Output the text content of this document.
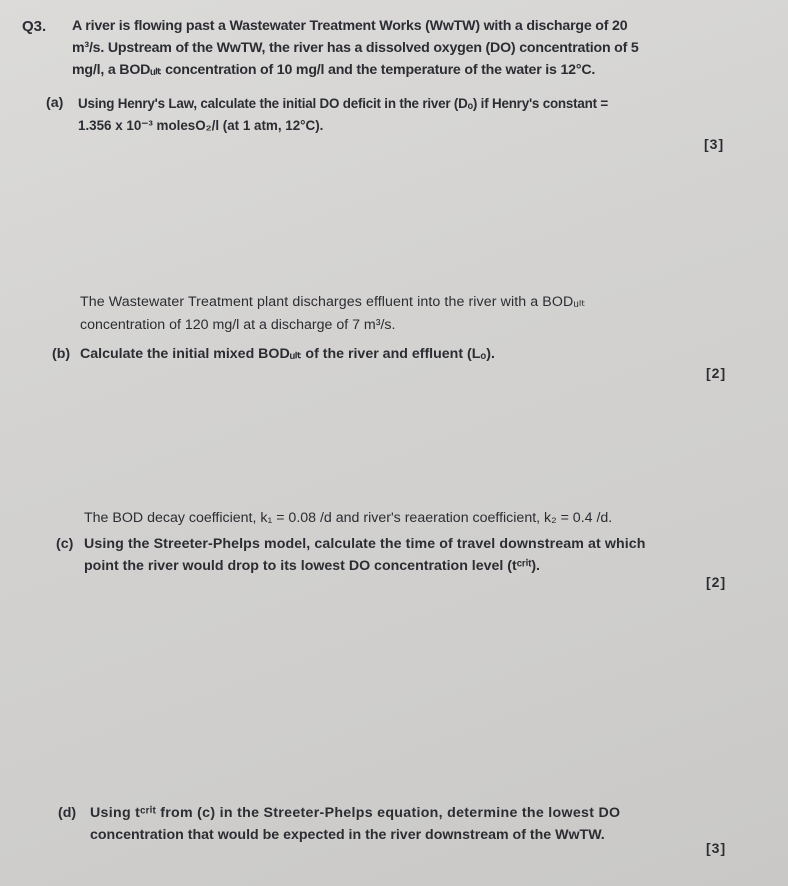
Q3. A river is flowing past a Wastewater Treatment Works (WwTW) with a discharge of 20
m³/s. Upstream of the WwTW, the river has a dissolved oxygen (DO) concentration of 5
mg/l, a BODᵤₗₜ concentration of 10 mg/l and the temperature of the water is 12°C.
(a) Using Henry's Law, calculate the initial DO deficit in the river (Dₒ) if Henry's constant =
1.356 x 10⁻³ molesO₂/l (at 1 atm, 12°C).
[3]
The Wastewater Treatment plant discharges effluent into the river with a BODᵤₗₜ
concentration of 120 mg/l at a discharge of 7 m³/s.
(b) Calculate the initial mixed BODᵤₗₜ of the river and effluent (Lₒ).
[2]
The BOD decay coefficient, k₁ = 0.08 /d and river's reaeration coefficient, k₂ = 0.4 /d.
(c) Using the Streeter-Phelps model, calculate the time of travel downstream at which
point the river would drop to its lowest DO concentration level (tᶜʳⁱᵗ).
[2]
(d) Using tᶜʳⁱᵗ from (c) in the Streeter-Phelps equation, determine the lowest DO
concentration that would be expected in the river downstream of the WwTW.
[3]
